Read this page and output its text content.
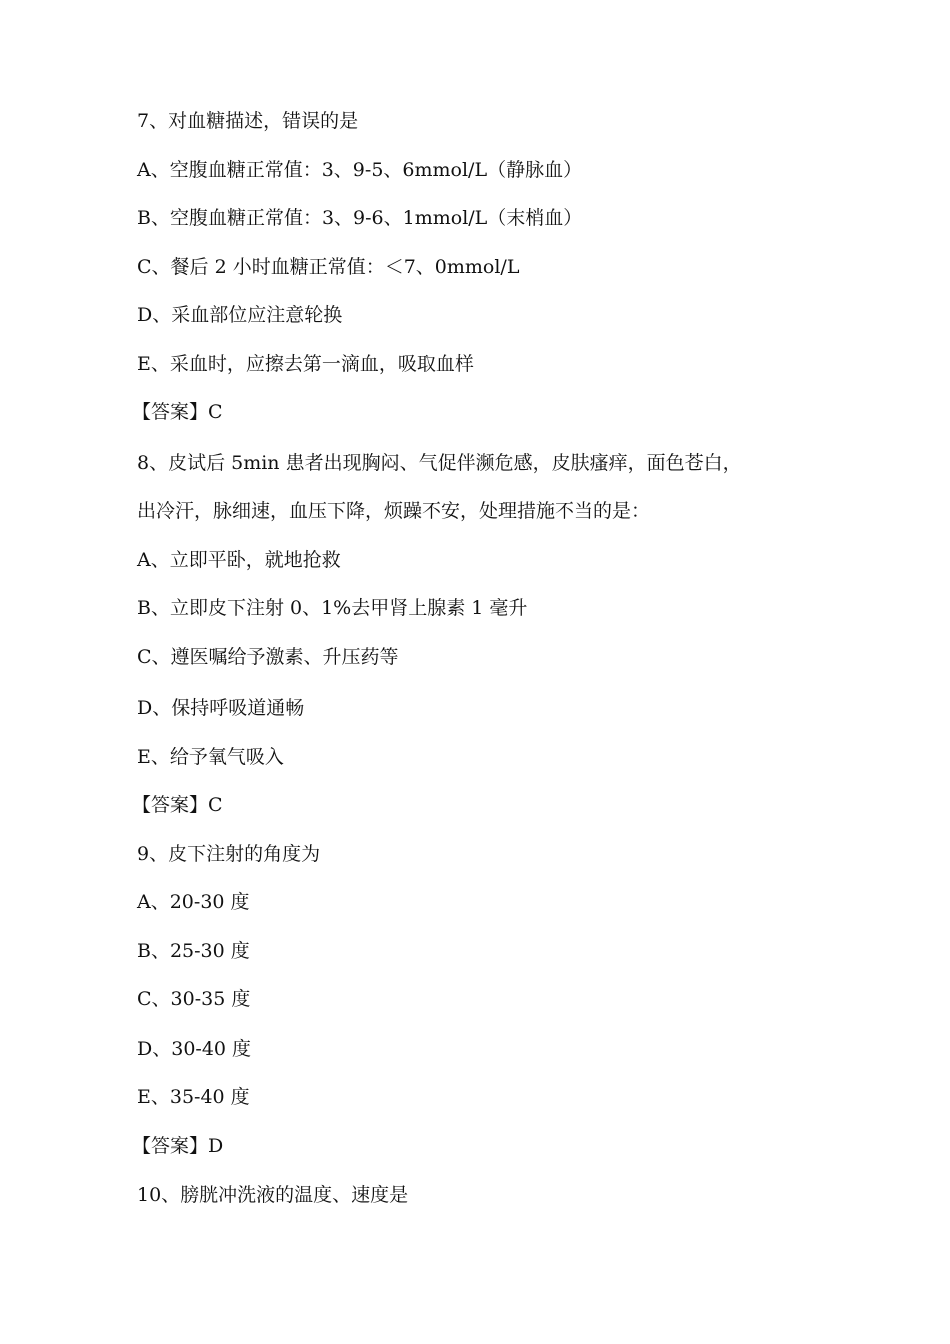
7、对血糖描述，错误的是
A、空腹血糖正常值：3、9-5、6mmol/L（静脉血）
B、空腹血糖正常值：3、9-6、1mmol/L（末梢血）
C、餐后 2 小时血糖正常值：＜7、0mmol/L
D、采血部位应注意轮换
E、采血时，应擦去第一滴血，吸取血样
【答案】C
8、皮试后 5min 患者出现胸闷、气促伴濒危感，皮肤瘙痒，面色苍白，
出冷汗，脉细速，血压下降，烦躁不安，处理措施不当的是：
A、立即平卧，就地抢救
B、立即皮下注射 0、1%去甲肾上腺素 1 毫升
C、遵医嘱给予激素、升压药等
D、保持呼吸道通畅
E、给予氧气吸入
【答案】C
9、皮下注射的角度为
A、20-30 度
B、25-30 度
C、30-35 度
D、30-40 度
E、35-40 度
【答案】D
10、膀胱冲洗液的温度、速度是
